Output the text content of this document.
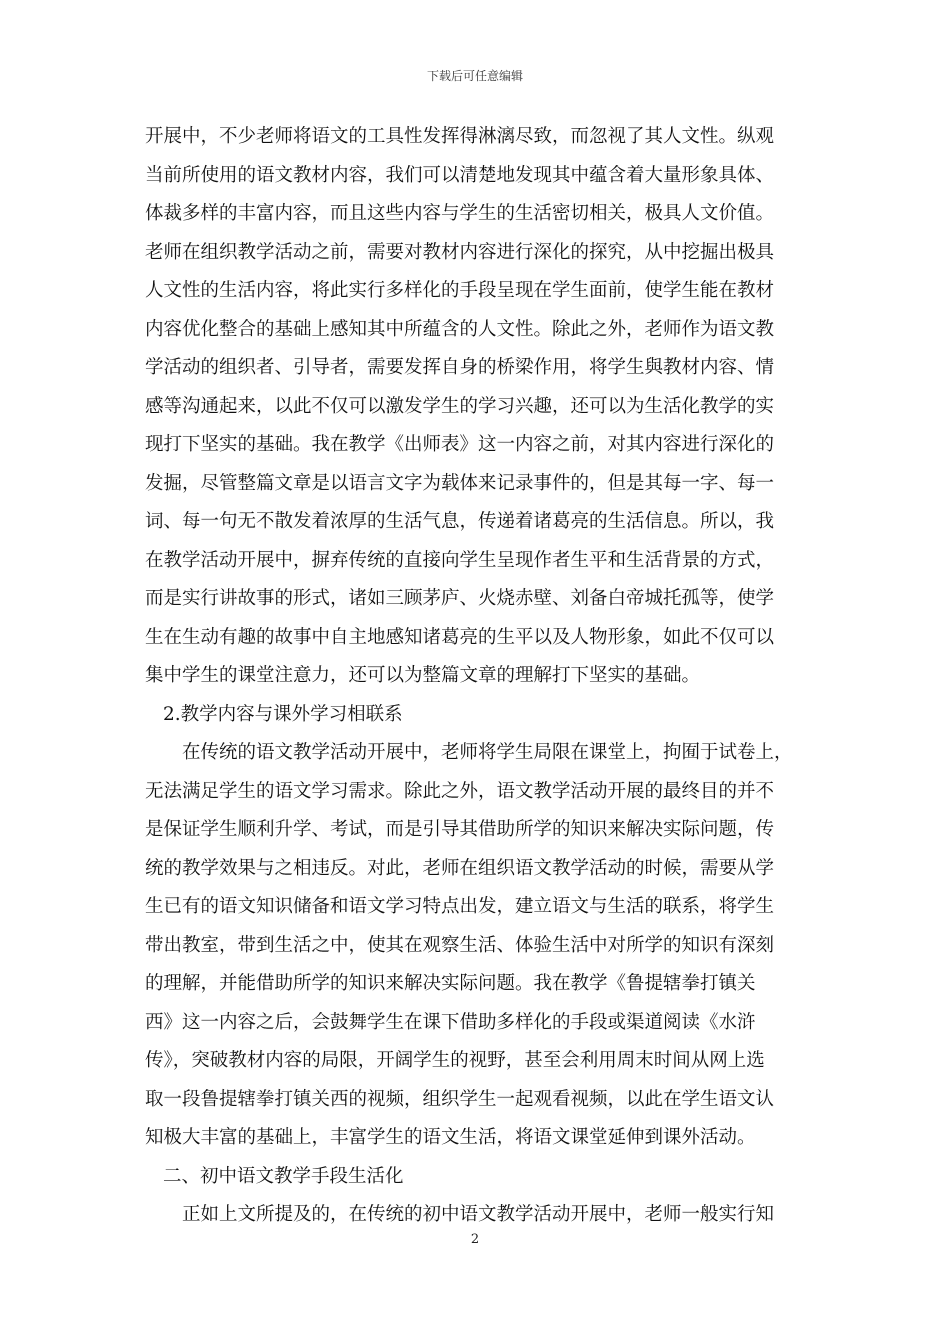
下载后可任意编辑
开展中，不少老师将语文的工具性发挥得淋漓尽致，而忽视了其人文性。纵观
当前所使用的语文教材内容，我们可以清楚地发现其中蕴含着大量形象具体、
体裁多样的丰富内容，而且这些内容与学生的生活密切相关，极具人文价值。
老师在组织教学活动之前，需要对教材内容进行深化的探究，从中挖掘出极具
人文性的生活内容，将此实行多样化的手段呈现在学生面前，使学生能在教材
内容优化整合的基础上感知其中所蕴含的人文性。除此之外，老师作为语文教
学活动的组织者、引导者，需要发挥自身的桥梁作用，将学生與教材内容、情
感等沟通起来，以此不仅可以激发学生的学习兴趣，还可以为生活化教学的实
现打下坚实的基础。我在教学《出师表》这一内容之前，对其内容进行深化的
发掘，尽管整篇文章是以语言文字为载体来记录事件的，但是其每一字、每一
词、每一句无不散发着浓厚的生活气息，传递着诸葛亮的生活信息。所以，我
在教学活动开展中，摒弃传统的直接向学生呈现作者生平和生活背景的方式，
而是实行讲故事的形式，诸如三顾茅庐、火烧赤壁、刘备白帝城托孤等，使学
生在生动有趣的故事中自主地感知诸葛亮的生平以及人物形象，如此不仅可以
集中学生的课堂注意力，还可以为整篇文章的理解打下坚实的基础。
2.教学内容与课外学习相联系
在传统的语文教学活动开展中，老师将学生局限在课堂上，拘囿于试卷上，
无法满足学生的语文学习需求。除此之外，语文教学活动开展的最终目的并不
是保证学生顺利升学、考试，而是引导其借助所学的知识来解决实际问题，传
统的教学效果与之相违反。对此，老师在组织语文教学活动的时候，需要从学
生已有的语文知识储备和语文学习特点出发，建立语文与生活的联系，将学生
带出教室，带到生活之中，使其在观察生活、体验生活中对所学的知识有深刻
的理解，并能借助所学的知识来解决实际问题。我在教学《鲁提辖拳打镇关
西》这一内容之后，会鼓舞学生在课下借助多样化的手段或渠道阅读《水浒
传》，突破教材内容的局限，开阔学生的视野，甚至会利用周末时间从网上选
取一段鲁提辖拳打镇关西的视频，组织学生一起观看视频，以此在学生语文认
知极大丰富的基础上，丰富学生的语文生活，将语文课堂延伸到课外活动。
二、初中语文教学手段生活化
正如上文所提及的，在传统的初中语文教学活动开展中，老师一般实行知
2
